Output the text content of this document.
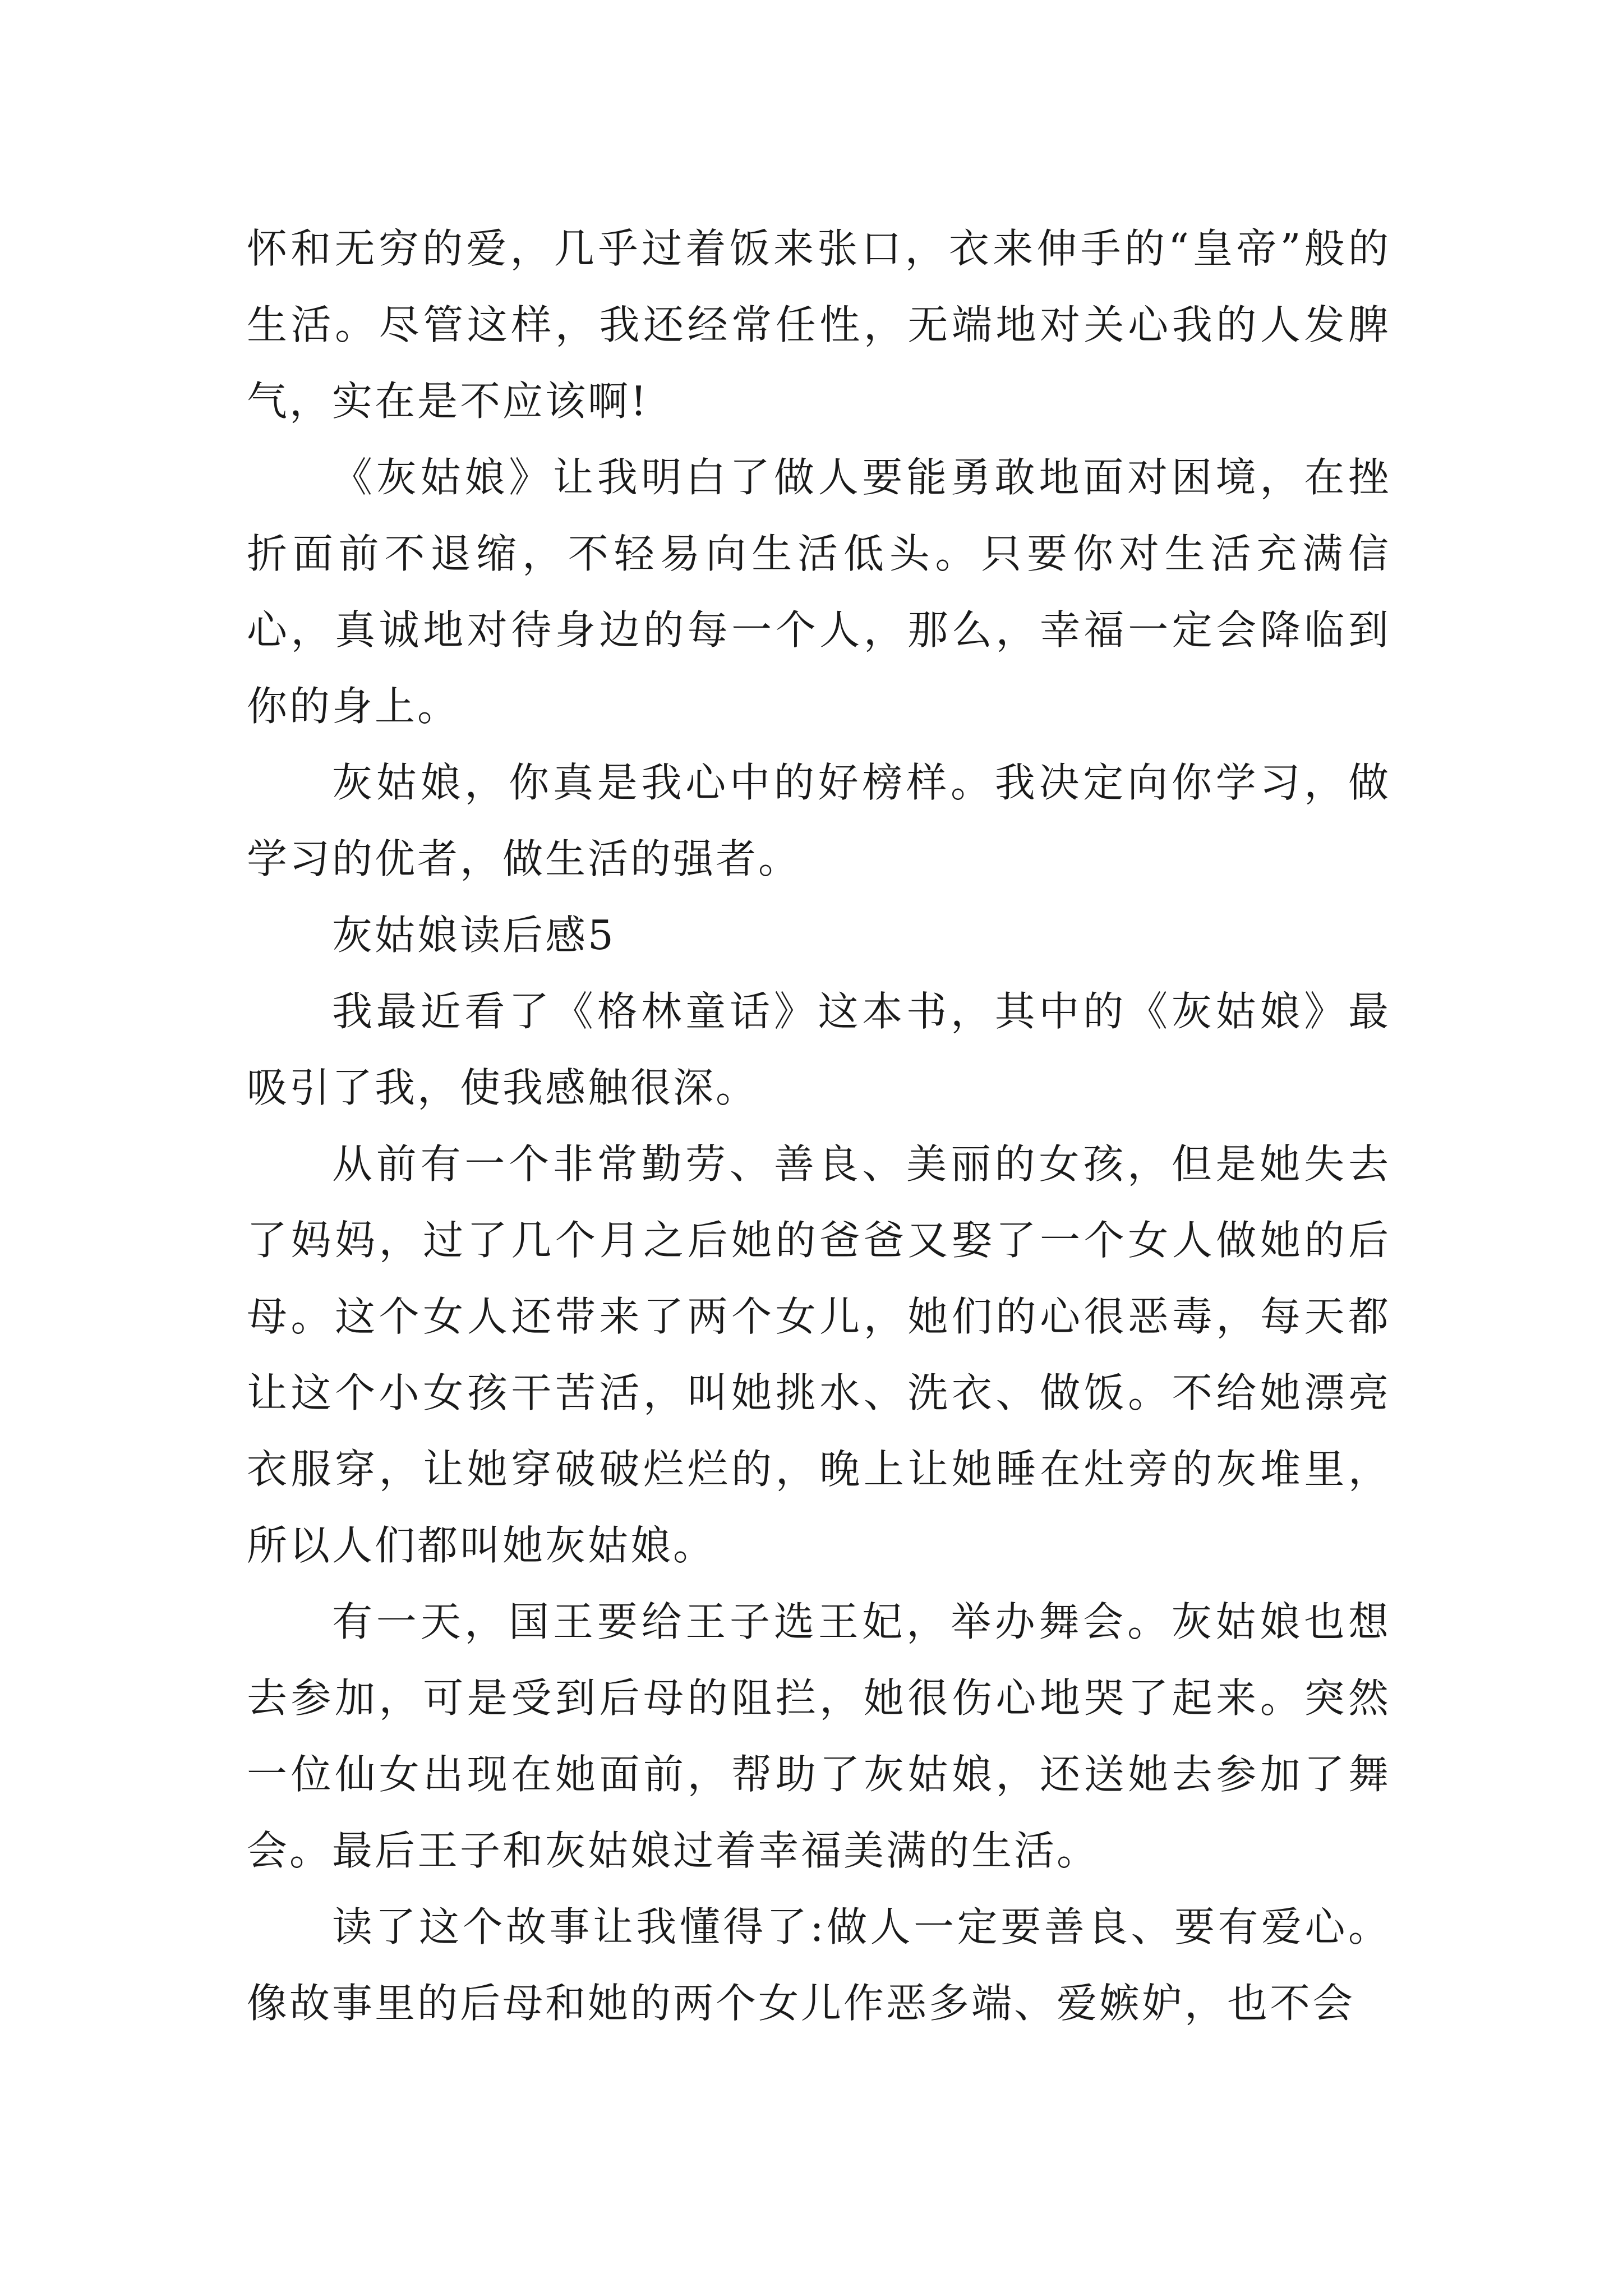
怀和无穷的爱，几乎过着饭来张口，衣来伸手的“皇帝”般的生活。尽管这样，我还经常任性，无端地对关心我的人发脾气，实在是不应该啊!

《灰姑娘》让我明白了做人要能勇敢地面对困境，在挫折面前不退缩，不轻易向生活低头。只要你对生活充满信心，真诚地对待身边的每一个人，那么，幸福一定会降临到你的身上。

灰姑娘，你真是我心中的好榜样。我决定向你学习，做学习的优者，做生活的强者。

灰姑娘读后感5

我最近看了《格林童话》这本书，其中的《灰姑娘》最吸引了我，使我感触很深。

从前有一个非常勤劳、善良、美丽的女孩，但是她失去了妈妈，过了几个月之后她的爸爸又娶了一个女人做她的后母。这个女人还带来了两个女儿，她们的心很恶毒，每天都让这个小女孩干苦活，叫她挑水、洗衣、做饭。不给她漂亮衣服穿，让她穿破破烂烂的，晚上让她睡在灶旁的灰堆里，所以人们都叫她灰姑娘。

有一天，国王要给王子选王妃，举办舞会。灰姑娘也想去参加，可是受到后母的阻拦，她很伤心地哭了起来。突然一位仙女出现在她面前，帮助了灰姑娘，还送她去参加了舞会。最后王子和灰姑娘过着幸福美满的生活。

读了这个故事让我懂得了:做人一定要善良、要有爱心。像故事里的后母和她的两个女儿作恶多端、爱嫉妒，也不会
